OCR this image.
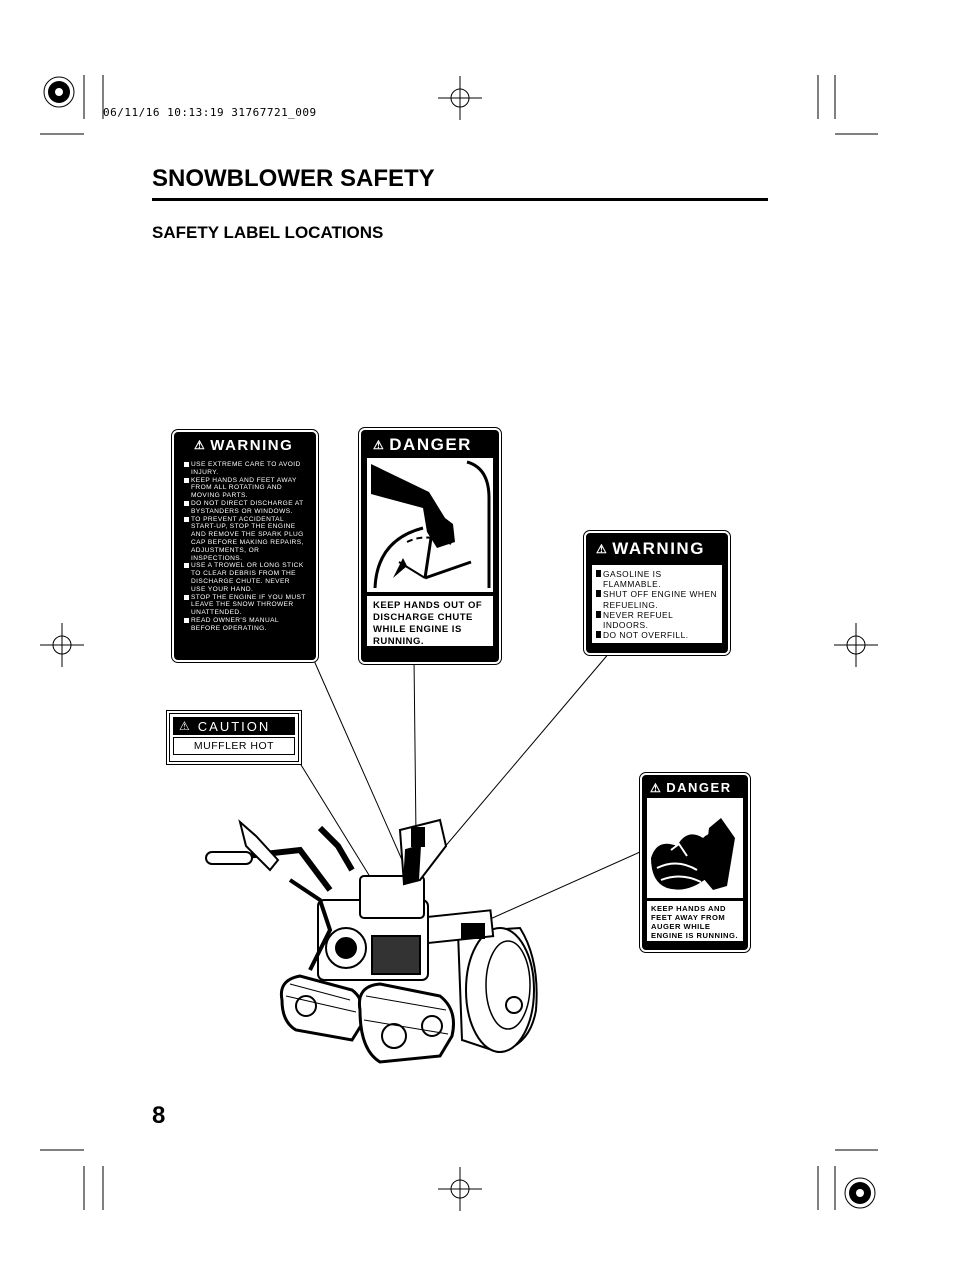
06/11/16 10:13:19 31767721_009
SNOWBLOWER SAFETY
SAFETY LABEL LOCATIONS
⚠ WARNING
USE EXTREME CARE TO AVOID INJURY.
KEEP HANDS AND FEET AWAY FROM ALL ROTATING AND MOVING PARTS.
DO NOT DIRECT DISCHARGE AT BYSTANDERS OR WINDOWS.
TO PREVENT ACCIDENTAL START-UP, STOP THE ENGINE AND REMOVE THE SPARK PLUG CAP BEFORE MAKING REPAIRS, ADJUSTMENTS, OR INSPECTIONS.
USE A TROWEL OR LONG STICK TO CLEAR DEBRIS FROM THE DISCHARGE CHUTE. NEVER USE YOUR HAND.
STOP THE ENGINE IF YOU MUST LEAVE THE SNOW THROWER UNATTENDED.
READ OWNER'S MANUAL BEFORE OPERATING.
⚠ DANGER
KEEP HANDS OUT OF DISCHARGE CHUTE WHILE ENGINE IS RUNNING.
⚠ WARNING
GASOLINE IS FLAMMABLE.
SHUT OFF ENGINE WHEN REFUELING.
NEVER REFUEL INDOORS.
DO NOT OVERFILL.
⚠ CAUTION
MUFFLER HOT
⚠ DANGER
KEEP HANDS AND FEET AWAY FROM AUGER WHILE ENGINE IS RUNNING.
8
